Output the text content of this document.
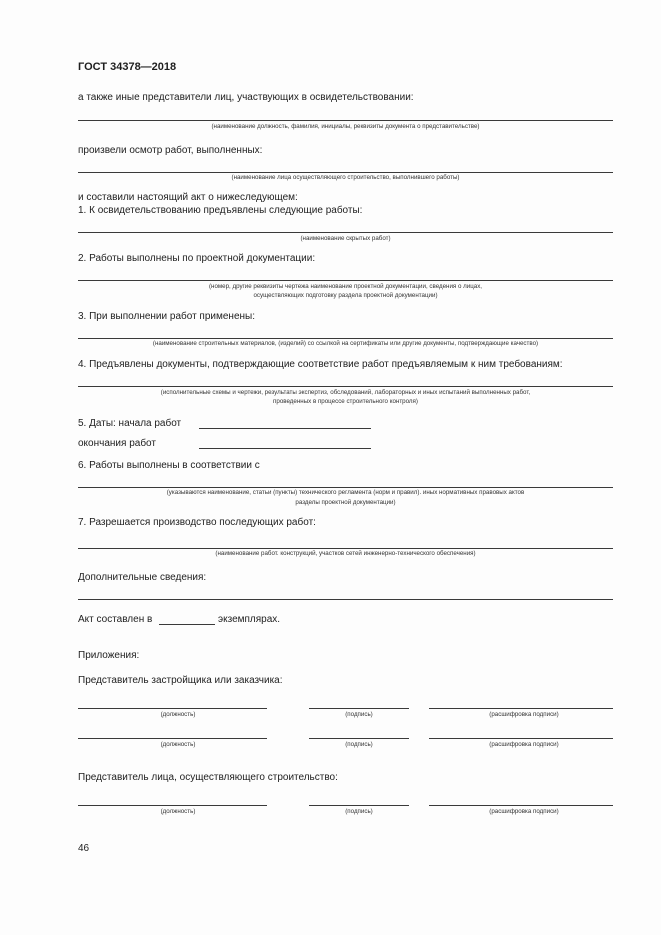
ГОСТ 34378—2018
а также иные представители лиц, участвующих в освидетельствовании:
(наименование должность, фамилия, инициалы, реквизиты документа о представительстве)
произвели осмотр работ, выполненных:
(наименование лица осуществляющего строительство, выполнившего работы)
и составили настоящий акт о нижеследующем:
1. К освидетельствованию предъявлены следующие работы:
(наименование скрытых работ)
2. Работы выполнены по проектной документации:
(номер, другие реквизиты чертежа наименование проектной документации, сведения о лицах,
осуществляющих подготовку раздела проектной документации)
3. При выполнении работ применены:
(наименование строительных материалов, (изделий) со ссылкой на сертификаты или другие документы, подтверждающие качество)
4. Предъявлены документы, подтверждающие соответствие работ предъявляемым к ним требованиям:
(исполнительные схемы и чертежи, результаты экспертиз, обследований, лабораторных и иных испытаний выполненных работ,
проведенных в процессе строительного контроля)
5. Даты: начала работ
окончания работ
6. Работы выполнены в соответствии с
(указываются наименование, статьи (пункты) технического регламента (норм и правил). иных нормативных правовых актов
разделы проектной документации)
7. Разрешается производство последующих работ:
(наименование работ. конструкций, участков сетей инженерно-технического обеспечения)
Дополнительные сведения:
Акт составлен в	экземплярах.
Приложения:
Представитель застройщика или заказчика:
(должность)	(подпись)	(расшифровка подписи)
(должность)	(подпись)	(расшифровка подписи)
Представитель лица, осуществляющего строительство:
(должность)	(подпись)	(расшифровка подписи)
46
